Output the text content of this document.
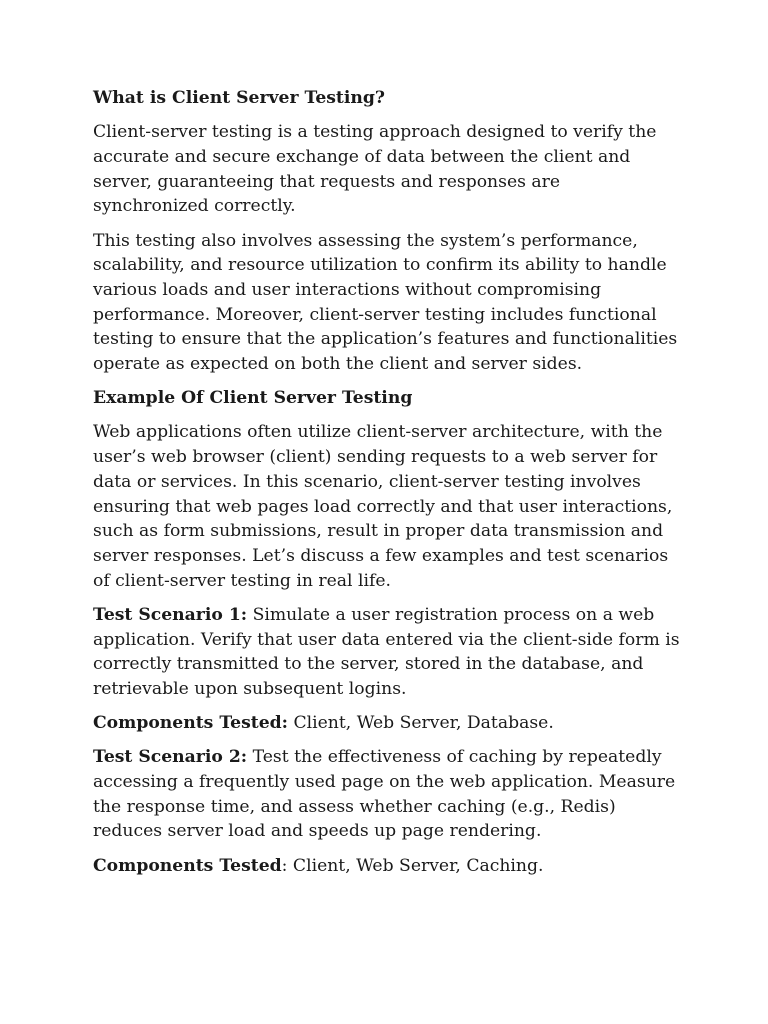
What is Client Server Testing?

Client-server testing is a testing approach designed to verify the accurate and secure exchange of data between the client and server, guaranteeing that requests and responses are synchronized correctly.

This testing also involves assessing the system’s performance, scalability, and resource utilization to confirm its ability to handle various loads and user interactions without compromising performance. Moreover, client-server testing includes functional testing to ensure that the application’s features and functionalities operate as expected on both the client and server sides.

Example Of Client Server Testing

Web applications often utilize client-server architecture, with the user’s web browser (client) sending requests to a web server for data or services. In this scenario, client-server testing involves ensuring that web pages load correctly and that user interactions, such as form submissions, result in proper data transmission and server responses. Let’s discuss a few examples and test scenarios of client-server testing in real life.

Test Scenario 1: Simulate a user registration process on a web application. Verify that user data entered via the client-side form is correctly transmitted to the server, stored in the database, and retrievable upon subsequent logins.

Components Tested: Client, Web Server, Database.

Test Scenario 2: Test the effectiveness of caching by repeatedly accessing a frequently used page on the web application. Measure the response time, and assess whether caching (e.g., Redis) reduces server load and speeds up page rendering.

Components Tested: Client, Web Server, Caching.
